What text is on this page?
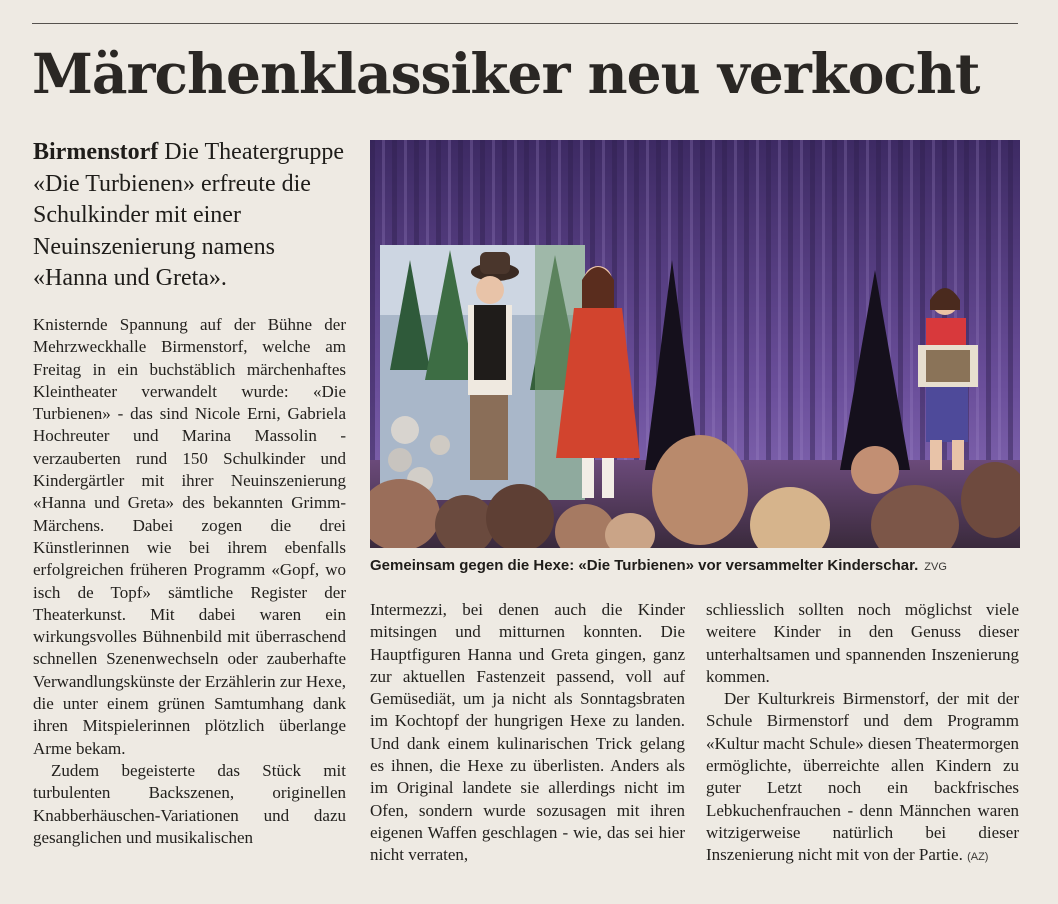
Märchenklassiker neu verkocht

Birmenstorf Die Theatergruppe «Die Turbienen» erfreute die Schulkinder mit einer Neuinszenierung namens «Hanna und Greta».

Knisternde Spannung auf der Bühne der Mehrzweckhalle Birmenstorf, welche am Freitag in ein buchstäblich märchenhaftes Kleintheater verwandelt wurde: «Die Turbienen» - das sind Nicole Erni, Gabriela Hochreuter und Marina Massolin - verzauberten rund 150 Schulkinder und Kindergärtler mit ihrer Neuinszenierung «Hanna und Greta» des bekannten Grimm-Märchens. Dabei zogen die drei Künstlerinnen wie bei ihrem ebenfalls erfolgreichen früheren Programm «Gopf, wo isch de Topf» sämtliche Register der Theaterkunst. Mit dabei waren ein wirkungsvolles Bühnenbild mit überraschend schnellen Szenenwechseln oder zauberhafte Verwandlungskünste der Erzählerin zur Hexe, die unter einem grünen Samtumhang dank ihren Mitspielerinnen plötzlich überlange Arme bekam.

Zudem begeisterte das Stück mit turbulenten Backszenen, originellen Knabberhäuschen-Variationen und dazu gesanglichen und musikalischen

Gemeinsam gegen die Hexe: «Die Turbienen» vor versammelter Kinderschar. ZVG

Intermezzi, bei denen auch die Kinder mitsingen und mitturnen konnten. Die Hauptfiguren Hanna und Greta gingen, ganz zur aktuellen Fastenzeit passend, voll auf Gemüsediät, um ja nicht als Sonntagsbraten im Kochtopf der hungrigen Hexe zu landen. Und dank einem kulinarischen Trick gelang es ihnen, die Hexe zu überlisten. Anders als im Original landete sie allerdings nicht im Ofen, sondern wurde sozusagen mit ihren eigenen Waffen geschlagen - wie, das sei hier nicht verraten,

schliesslich sollten noch möglichst viele weitere Kinder in den Genuss dieser unterhaltsamen und spannenden Inszenierung kommen.

Der Kulturkreis Birmenstorf, der mit der Schule Birmenstorf und dem Programm «Kultur macht Schule» diesen Theatermorgen ermöglichte, überreichte allen Kindern zu guter Letzt noch ein backfrisches Lebkuchenfrauchen - denn Männchen waren witzigerweise natürlich bei dieser Inszenierung nicht mit von der Partie. (AZ)
